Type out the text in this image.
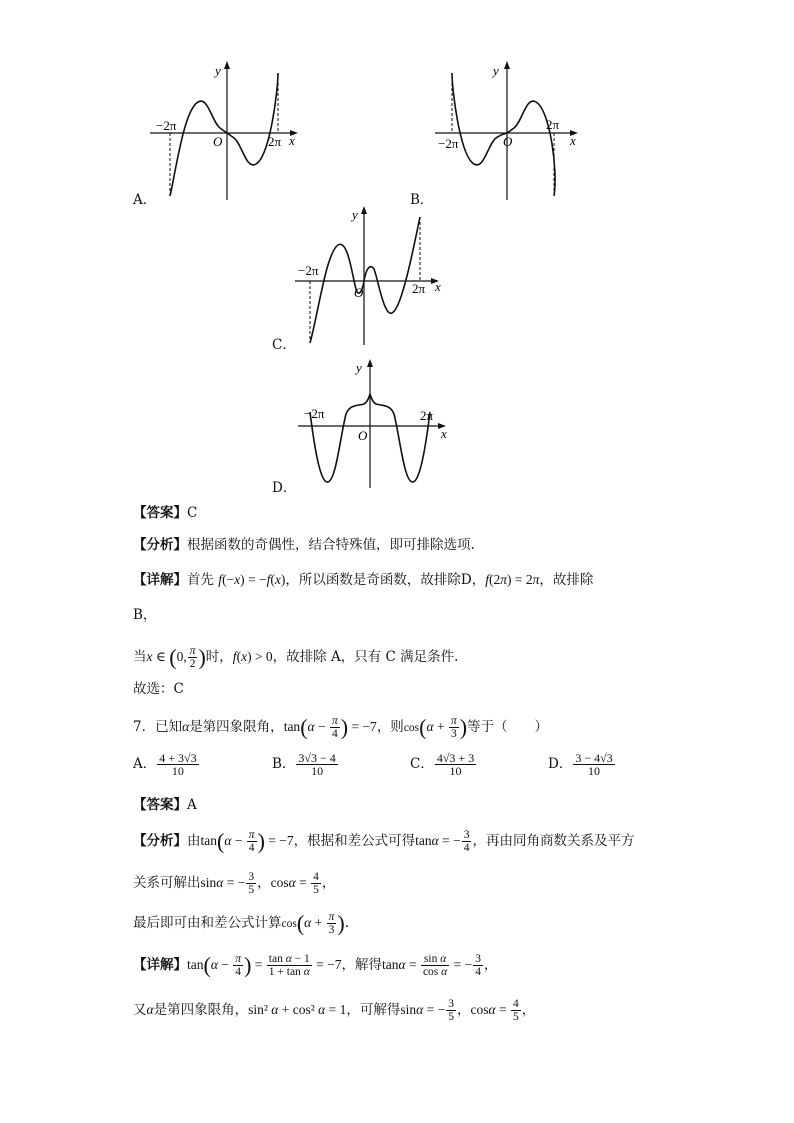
−2π
2π
O	x
y
A．
−2π
2π
O	x
y
B．
−2π
2π
O	x
y
C．
−2π	2π
O	x
y
D．
【答案】C
【分析】根据函数的奇偶性，结合特殊值，即可排除选项.
【详解】首先 f(−x) = −f(x)，所以函数是奇函数，故排除D，f(2π) = 2π，故排除
B，
当x ∈ (0, $\frac{\pi}{2}$ )时，f(x) > 0，故排除 A，只有 C 满足条件.
故选：C
7．已知α是第四象限角，$\tan(\alpha - \frac{\pi}{4}$ ) = −7，则$\cos(\alpha + \frac{\pi}{3}$ )等于（　　）
A． $\frac{4 + 3√3}{10}$	B． $\frac{3√3 - 4}{10}$	C． $\frac{4√3 + 3}{10}$	D． $\frac{3 - 4√3}{10}$
【答案】A
【分析】由$\tan(\alpha - \frac{\pi}{4}$ ) = −7，根据和差公式可得tanα = − $\frac{3}{4}$ ，再由同角商数关系及平方
关系可解出sinα = − $\frac{3}{5}$ ，$\cos\alpha = \frac{4}{5}$ ，
最后即可由和差公式计算$\cos(\alpha + \frac{\pi}{3}$ ).
【详解】$\tan(\alpha - \frac{\pi}{4}$ ) = $\frac{\text{tan α − 1}}{\text{1 + tan α}} = -7$，解得$\tan\alpha = \frac{\text{sin α}}{\text{cos α}}$ = − $\frac{3}{4}$ ，
又α是第四象限角，sin² α + cos² α = 1，可解得sinα = − $\frac{3}{5}$ ，$\cos\alpha = \frac{4}{5}$ ，
